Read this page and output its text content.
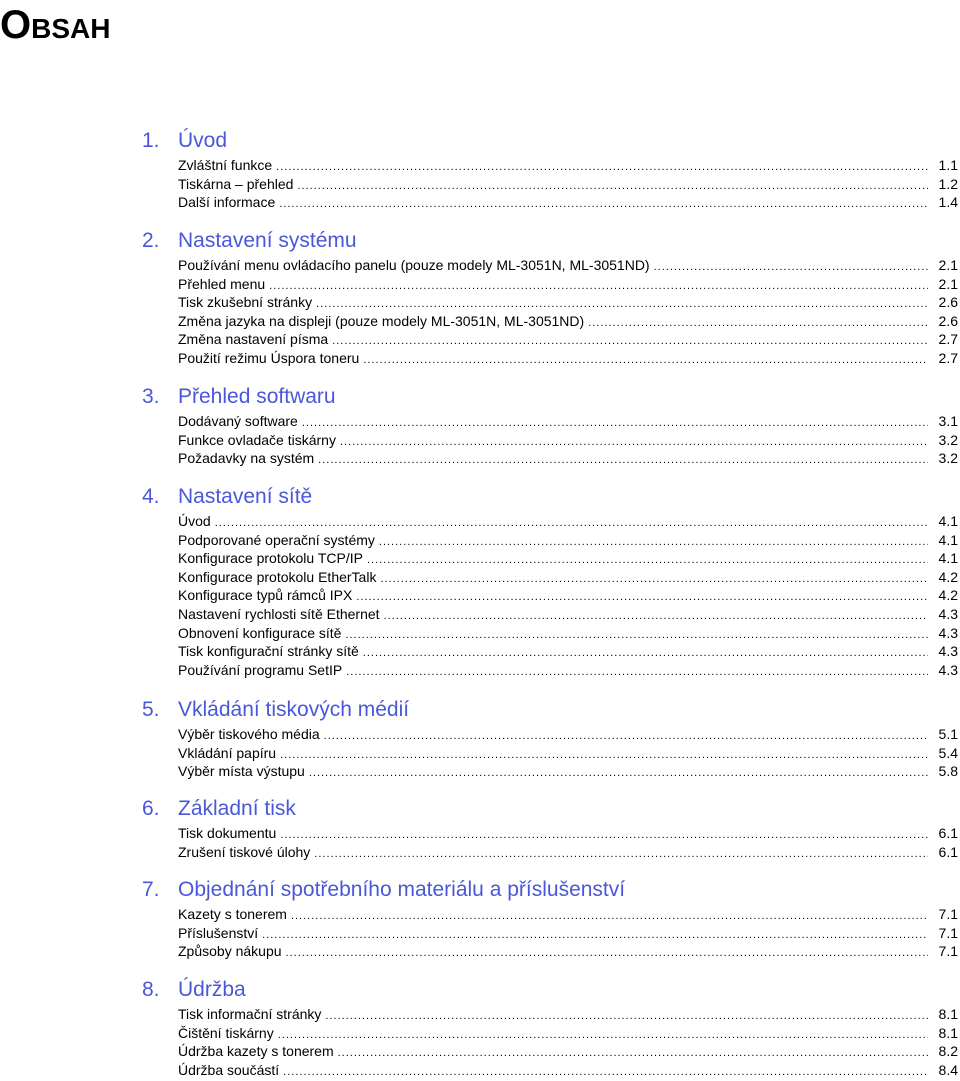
Obsah
1. Úvod
Zvláštní funkce .....	1.1
Tiskárna – přehled .....	1.2
Další informace .....	1.4
2. Nastavení systému
Používání menu ovládacího panelu (pouze modely ML-3051N, ML-3051ND) .....	2.1
Přehled menu .....	2.1
Tisk zkušební stránky .....	2.6
Změna jazyka na displeji (pouze modely ML-3051N, ML-3051ND) .....	2.6
Změna nastavení písma .....	2.7
Použití režimu Úspora toneru .....	2.7
3. Přehled softwaru
Dodávaný software .....	3.1
Funkce ovladače tiskárny .....	3.2
Požadavky na systém .....	3.2
4. Nastavení sítě
Úvod .....	4.1
Podporované operační systémy .....	4.1
Konfigurace protokolu TCP/IP .....	4.1
Konfigurace protokolu EtherTalk .....	4.2
Konfigurace typů rámců IPX .....	4.2
Nastavení rychlosti sítě Ethernet .....	4.3
Obnovení konfigurace sítě .....	4.3
Tisk konfigurační stránky sítě .....	4.3
Používání programu SetIP .....	4.3
5. Vkládání tiskových médií
Výběr tiskového média .....	5.1
Vkládání papíru .....	5.4
Výběr místa výstupu .....	5.8
6. Základní tisk
Tisk dokumentu .....	6.1
Zrušení tiskové úlohy .....	6.1
7. Objednání spotřebního materiálu a příslušenství
Kazety s tonerem .....	7.1
Příslušenství .....	7.1
Způsoby nákupu .....	7.1
8. Údržba
Tisk informační stránky .....	8.1
Čištění tiskárny .....	8.1
Údržba kazety s tonerem .....	8.2
Údržba součástí .....	8.4
